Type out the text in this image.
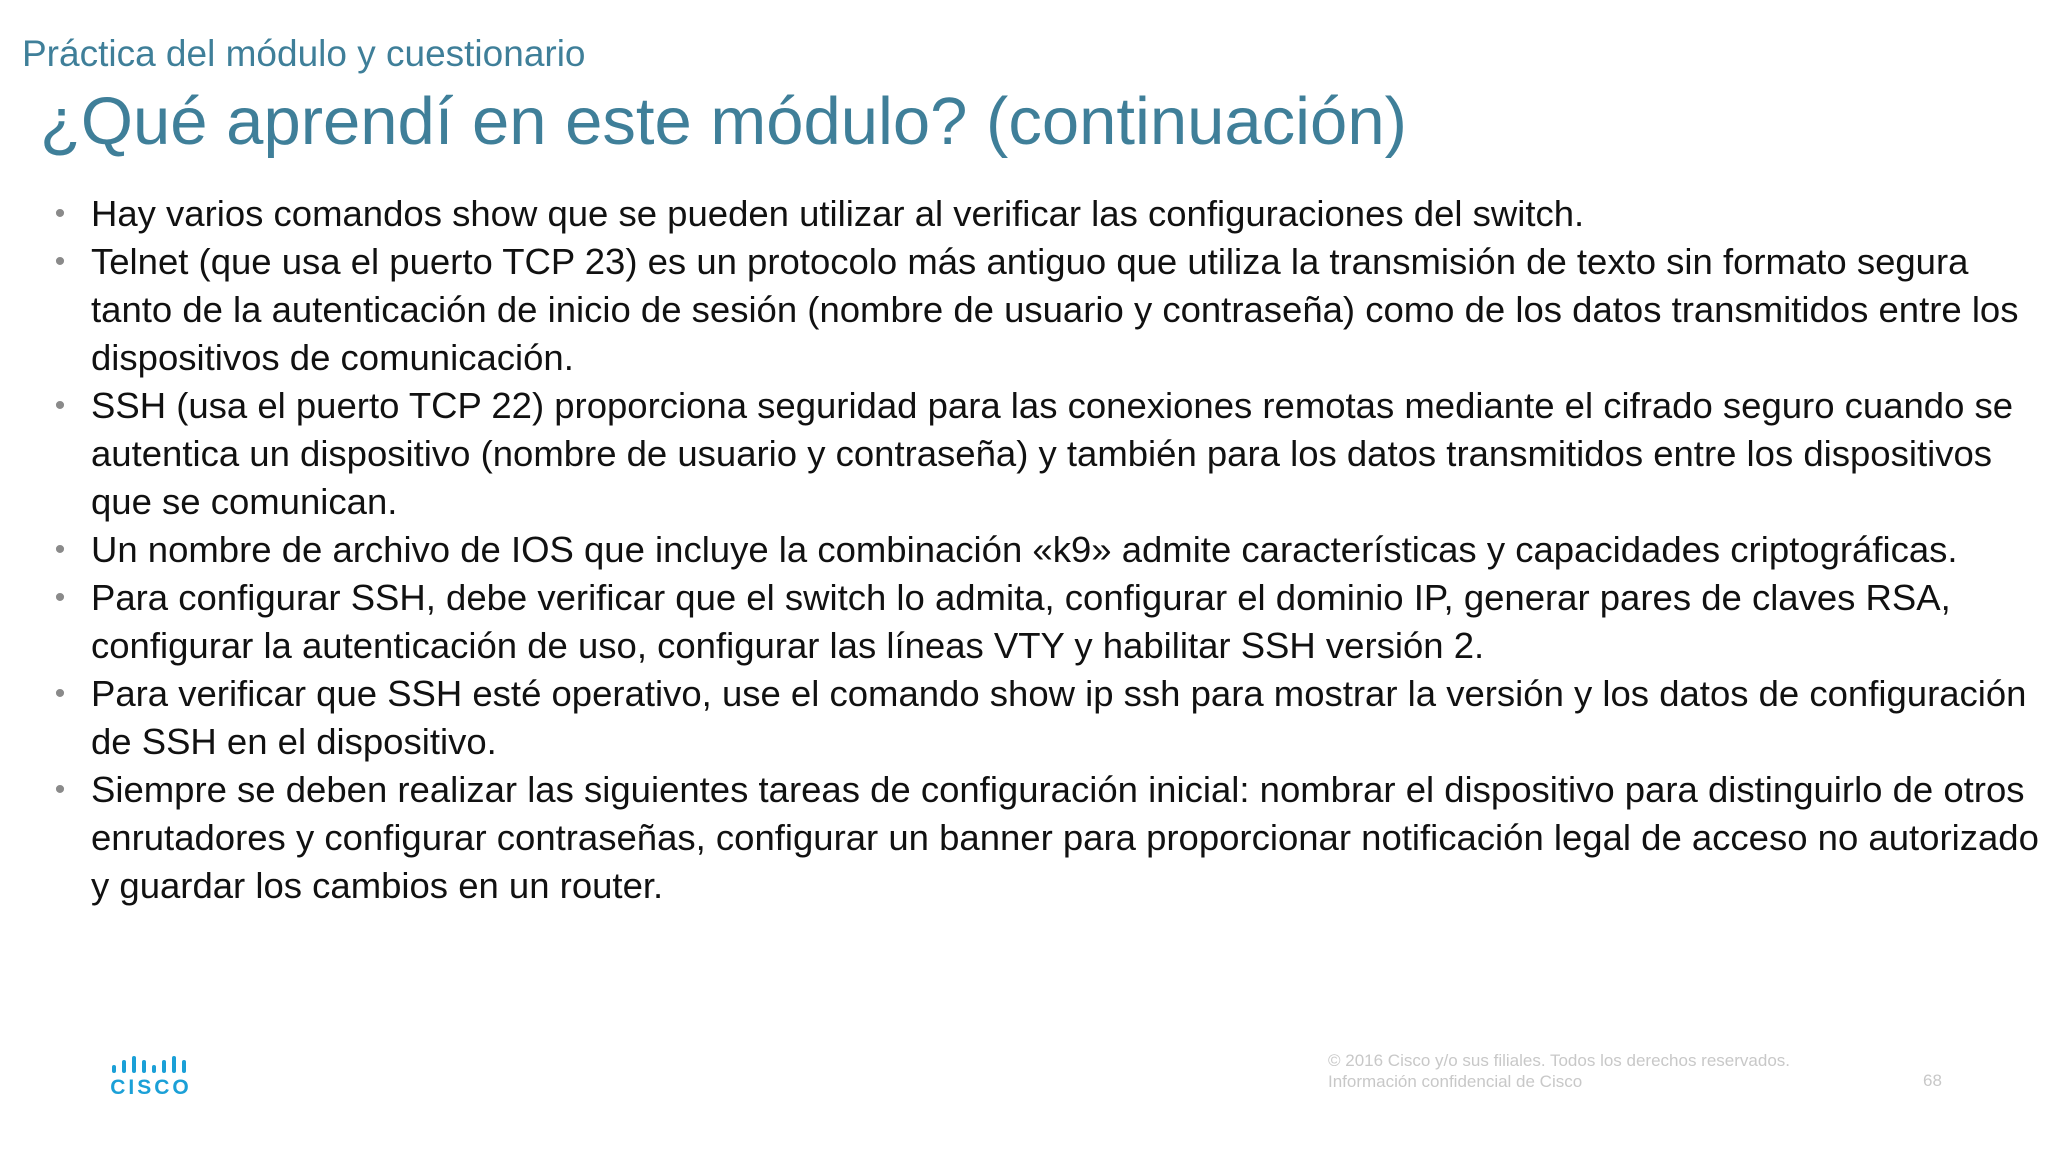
Práctica del módulo y cuestionario
¿Qué aprendí en este módulo? (continuación)
• Hay varios comandos show que se pueden utilizar al verificar las configuraciones del switch.
• Telnet (que usa el puerto TCP 23) es un protocolo más antiguo que utiliza la transmisión de texto sin formato segura tanto de la autenticación de inicio de sesión (nombre de usuario y contraseña) como de los datos transmitidos entre los dispositivos de comunicación.
• SSH (usa el puerto TCP 22) proporciona seguridad para las conexiones remotas mediante el cifrado seguro cuando se autentica un dispositivo (nombre de usuario y contraseña) y también para los datos transmitidos entre los dispositivos que se comunican.
• Un nombre de archivo de IOS que incluye la combinación «k9» admite características y capacidades criptográficas.
• Para configurar SSH, debe verificar que el switch lo admita, configurar el dominio IP, generar pares de claves RSA, configurar la autenticación de uso, configurar las líneas VTY y habilitar SSH versión 2.
• Para verificar que SSH esté operativo, use el comando show ip ssh para mostrar la versión y los datos de configuración de SSH en el dispositivo.
• Siempre se deben realizar las siguientes tareas de configuración inicial: nombrar el dispositivo para distinguirlo de otros enrutadores y configurar contraseñas, configurar un banner para proporcionar notificación legal de acceso no autorizado y guardar los cambios en un router.
CISCO
© 2016 Cisco y/o sus filiales. Todos los derechos reservados.
Información confidencial de Cisco	68
